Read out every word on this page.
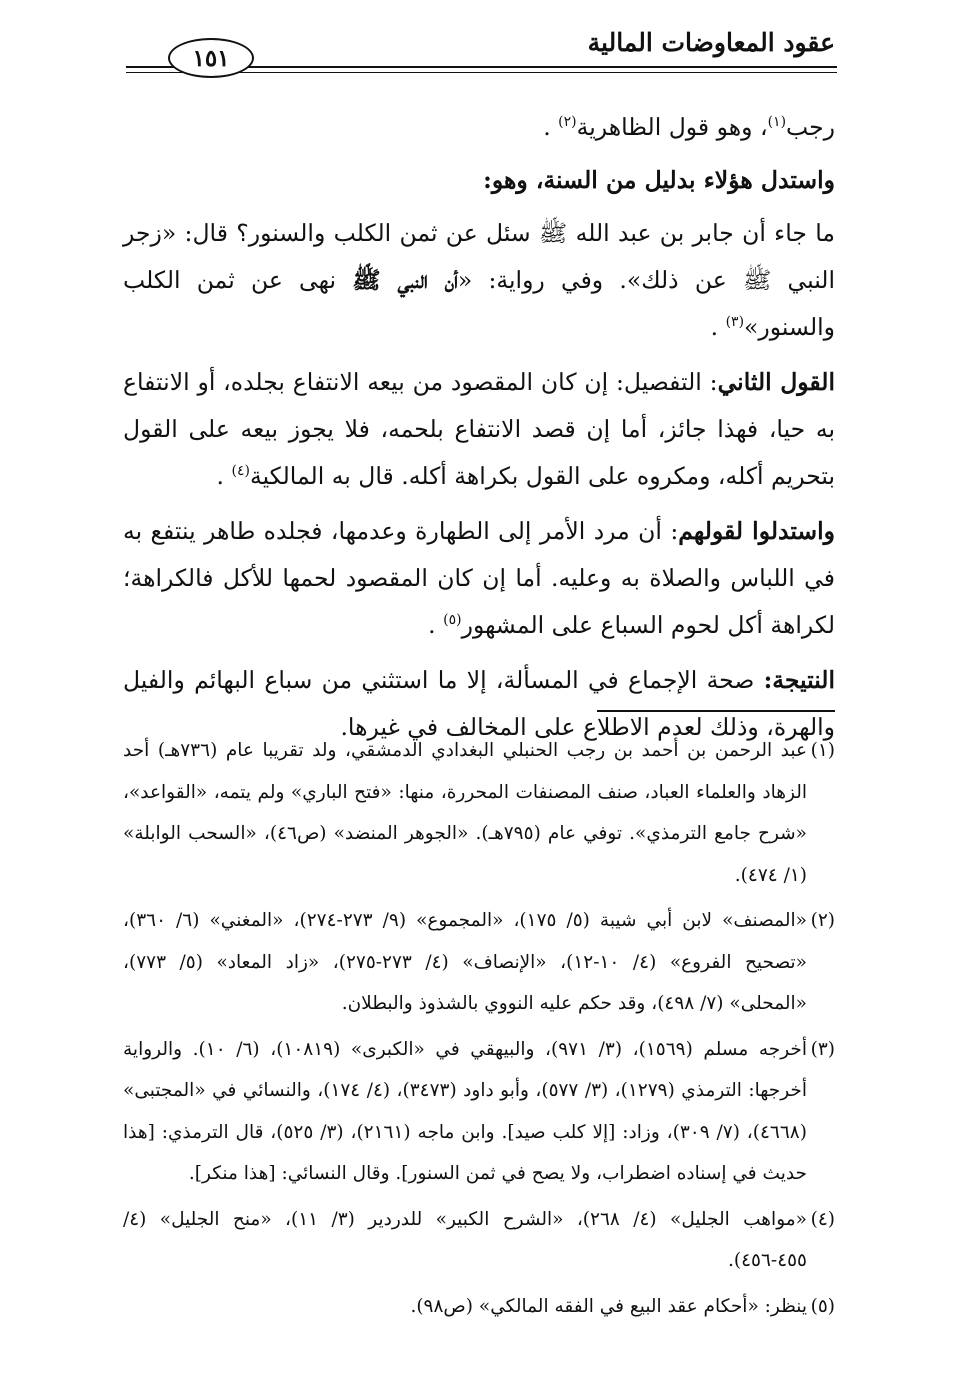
عقود المعاوضات المالية
١٥١

رجب$^{(١)}$، وهو قول الظاهرية$^{(٢)}$ .

واستدل هؤلاء بدليل من السنة، وهو:

ما جاء أن جابر بن عبد الله ﷺ سئل عن ثمن الكلب والسنور؟ قال: «زجر النبي ﷺ عن ذلك». وفي رواية: «أن النبي ﷺ نهى عن ثمن الكلب والسنور»$^{(٣)}$ .

القول الثاني: التفصيل: إن كان المقصود من بيعه الانتفاع بجلده، أو الانتفاع به حيا، فهذا جائز، أما إن قصد الانتفاع بلحمه، فلا يجوز بيعه على القول بتحريم أكله، ومكروه على القول بكراهة أكله. قال به المالكية$^{(٤)}$ .

واستدلوا لقولهم: أن مرد الأمر إلى الطهارة وعدمها، فجلده طاهر ينتفع به في اللباس والصلاة به وعليه. أما إن كان المقصود لحمها للأكل فالكراهة؛ لكراهة أكل لحوم السباع على المشهور$^{(٥)}$ .

النتيجة: صحة الإجماع في المسألة، إلا ما استثني من سباع البهائم والفيل والهرة، وذلك لعدم الاطلاع على المخالف في غيرها.

(١)عبد الرحمن بن أحمد بن رجب الحنبلي البغدادي الدمشقي، ولد تقريبا عام (٧٣٦هـ) أحد الزهاد والعلماء العباد، صنف المصنفات المحررة، منها: «فتح الباري» ولم يتمه، «القواعد»، «شرح جامع الترمذي». توفي عام (٧٩٥هـ). «الجوهر المنضد» (ص٤٦)، «السحب الوابلة» (١/ ٤٧٤).

(٢)«المصنف» لابن أبي شيبة (٥/ ١٧٥)، «المجموع» (٩/ ٢٧٣-٢٧٤)، «المغني» (٦/ ٣٦٠)، «تصحيح الفروع» (٤/ ١٠-١٢)، «الإنصاف» (٤/ ٢٧٣-٢٧٥)، «زاد المعاد» (٥/ ٧٧٣)، «المحلى» (٧/ ٤٩٨)، وقد حكم عليه النووي بالشذوذ والبطلان.

(٣)أخرجه مسلم (١٥٦٩)، (٣/ ٩٧١)، والبيهقي في «الكبرى» (١٠٨١٩)، (٦/ ١٠). والرواية أخرجها: الترمذي (١٢٧٩)، (٣/ ٥٧٧)، وأبو داود (٣٤٧٣)، (٤/ ١٧٤)، والنسائي في «المجتبى» (٤٦٦٨)، (٧/ ٣٠٩)، وزاد: [إلا كلب صيد]. وابن ماجه (٢١٦١)، (٣/ ٥٢٥)، قال الترمذي: [هذا حديث في إسناده اضطراب، ولا يصح في ثمن السنور]. وقال النسائي: [هذا منكر].

(٤)«مواهب الجليل» (٤/ ٢٦٨)، «الشرح الكبير» للدردير (٣/ ١١)، «منح الجليل» (٤/ ٤٥٥-٤٥٦).

(٥)ينظر: «أحكام عقد البيع في الفقه المالكي» (ص٩٨).
